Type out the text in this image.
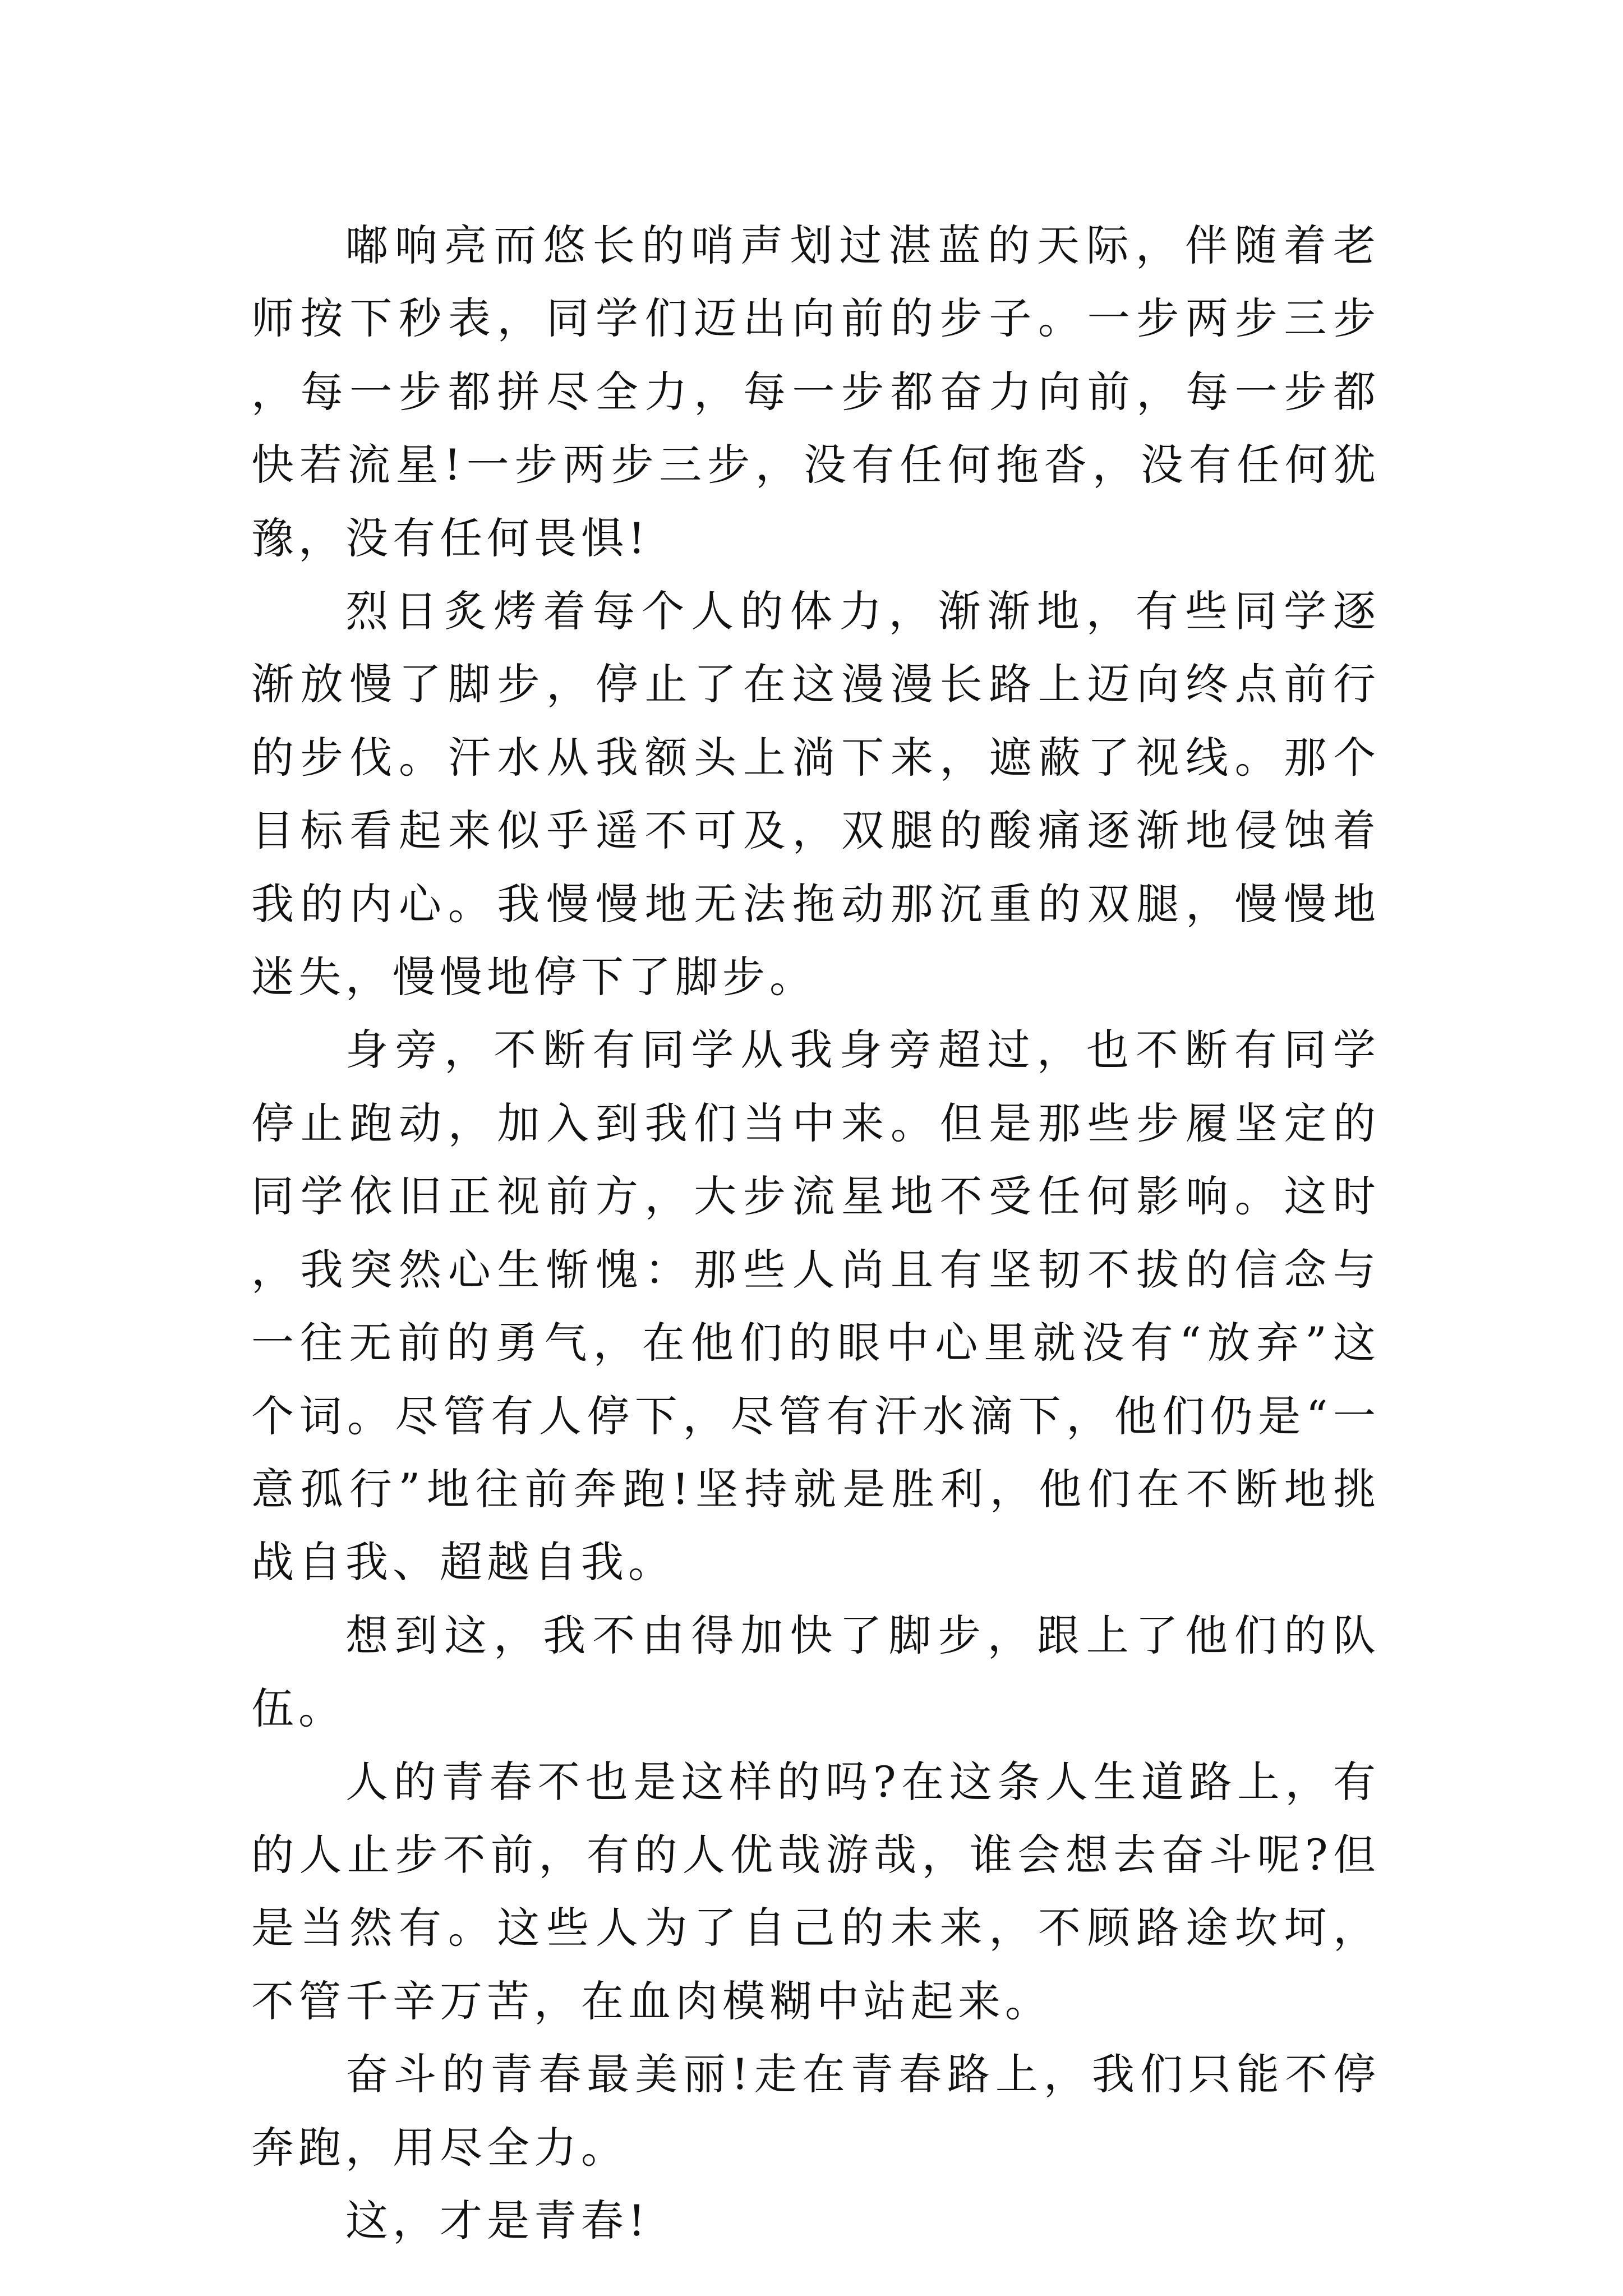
嘟响亮而悠长的哨声划过湛蓝的天际，伴随着老师按下秒表，同学们迈出向前的步子。一步两步三步，每一步都拼尽全力，每一步都奋力向前，每一步都快若流星!一步两步三步，没有任何拖沓，没有任何犹豫，没有任何畏惧!

烈日炙烤着每个人的体力，渐渐地，有些同学逐渐放慢了脚步，停止了在这漫漫长路上迈向终点前行的步伐。汗水从我额头上淌下来，遮蔽了视线。那个目标看起来似乎遥不可及，双腿的酸痛逐渐地侵蚀着我的内心。我慢慢地无法拖动那沉重的双腿，慢慢地迷失，慢慢地停下了脚步。

身旁，不断有同学从我身旁超过，也不断有同学停止跑动，加入到我们当中来。但是那些步履坚定的同学依旧正视前方，大步流星地不受任何影响。这时，我突然心生惭愧：那些人尚且有坚韧不拔的信念与一往无前的勇气，在他们的眼中心里就没有“放弃”这个词。尽管有人停下，尽管有汗水滴下，他们仍是“一意孤行”地往前奔跑!坚持就是胜利，他们在不断地挑战自我、超越自我。

想到这，我不由得加快了脚步，跟上了他们的队伍。

人的青春不也是这样的吗?在这条人生道路上，有的人止步不前，有的人优哉游哉，谁会想去奋斗呢?但是当然有。这些人为了自己的未来，不顾路途坎坷，不管千辛万苦，在血肉模糊中站起来。

奋斗的青春最美丽!走在青春路上，我们只能不停奔跑，用尽全力。

这，才是青春!
